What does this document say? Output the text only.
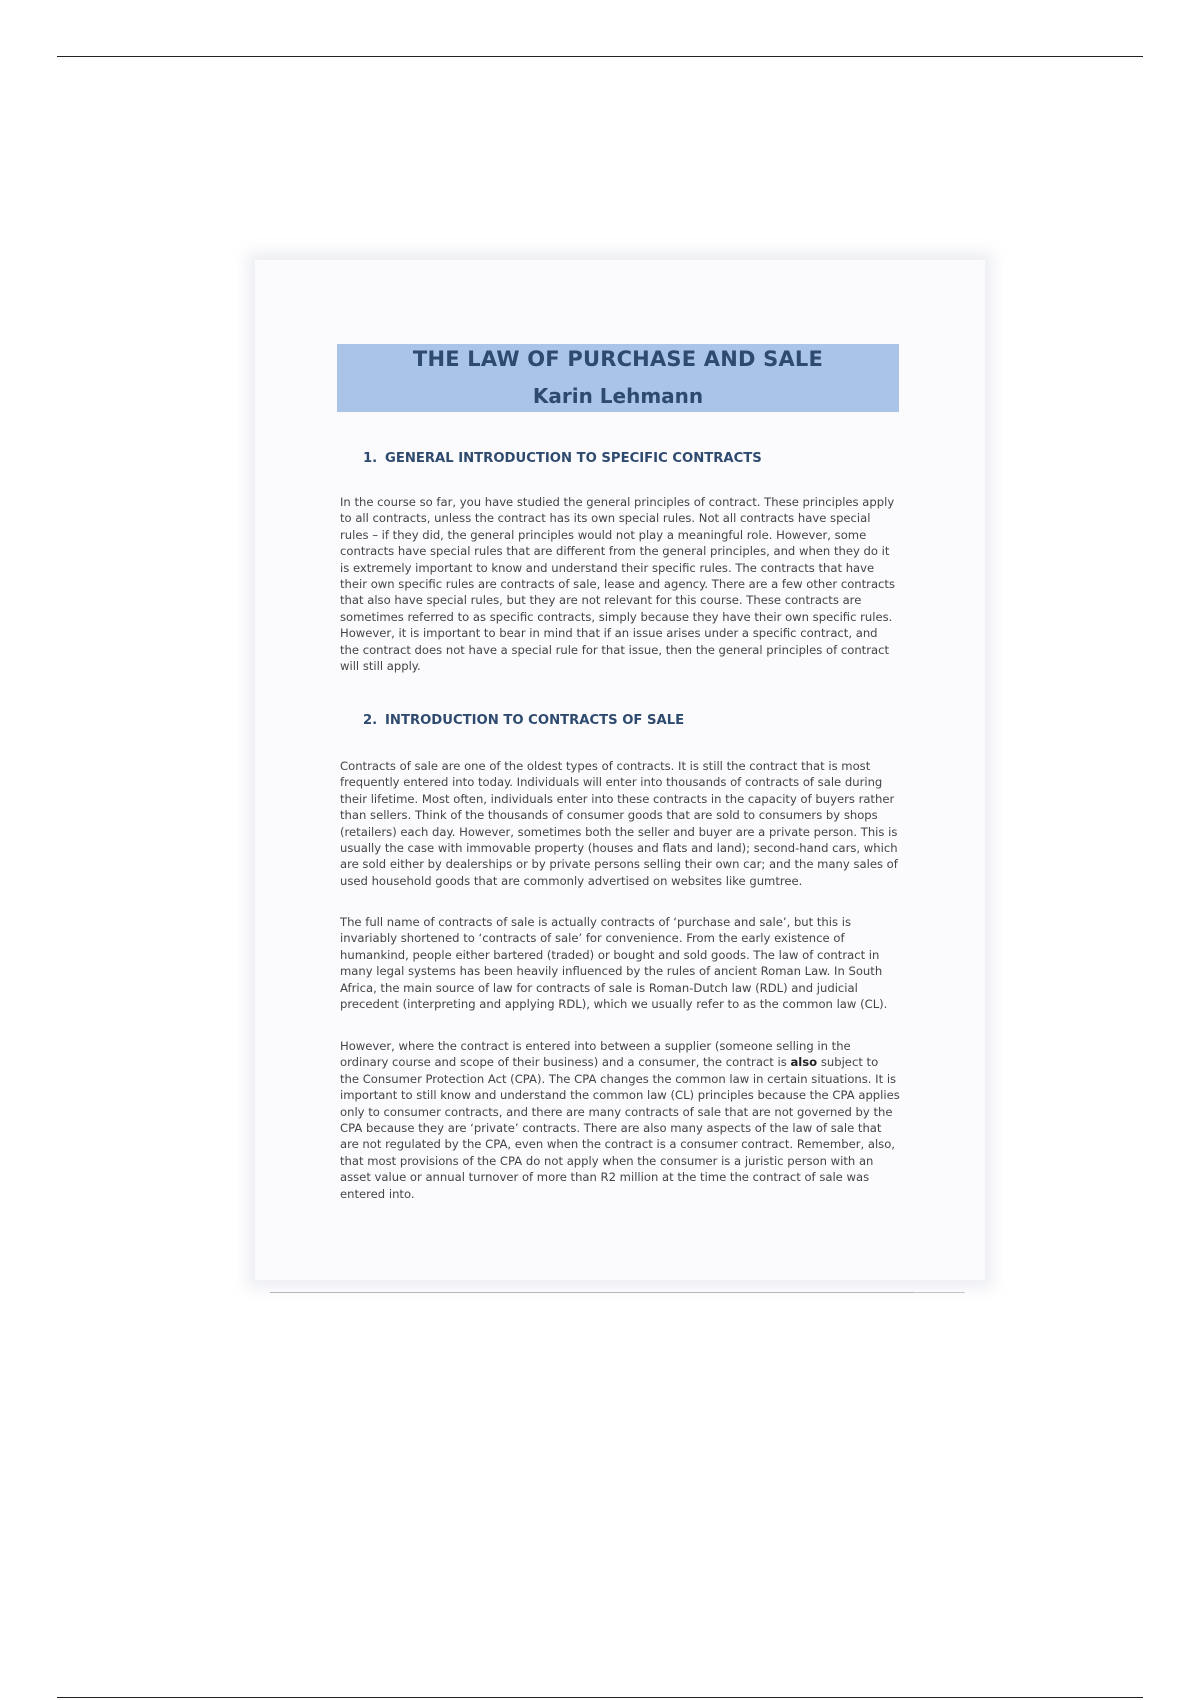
THE LAW OF PURCHASE AND SALE
Karin Lehmann
1. GENERAL INTRODUCTION TO SPECIFIC CONTRACTS

In the course so far, you have studied the general principles of contract. These principles apply to all contracts, unless the contract has its own special rules. Not all contracts have special rules – if they did, the general principles would not play a meaningful role. However, some contracts have special rules that are different from the general principles, and when they do it is extremely important to know and understand their specific rules. The contracts that have their own specific rules are contracts of sale, lease and agency. There are a few other contracts that also have special rules, but they are not relevant for this course. These contracts are sometimes referred to as specific contracts, simply because they have their own specific rules. However, it is important to bear in mind that if an issue arises under a specific contract, and the contract does not have a special rule for that issue, then the general principles of contract will still apply.

2. INTRODUCTION TO CONTRACTS OF SALE

Contracts of sale are one of the oldest types of contracts. It is still the contract that is most frequently entered into today. Individuals will enter into thousands of contracts of sale during their lifetime. Most often, individuals enter into these contracts in the capacity of buyers rather than sellers. Think of the thousands of consumer goods that are sold to consumers by shops (retailers) each day. However, sometimes both the seller and buyer are a private person. This is usually the case with immovable property (houses and flats and land); second-hand cars, which are sold either by dealerships or by private persons selling their own car; and the many sales of used household goods that are commonly advertised on websites like gumtree.

The full name of contracts of sale is actually contracts of ‘purchase and sale’, but this is invariably shortened to ‘contracts of sale’ for convenience. From the early existence of humankind, people either bartered (traded) or bought and sold goods. The law of contract in many legal systems has been heavily influenced by the rules of ancient Roman Law. In South Africa, the main source of law for contracts of sale is Roman-Dutch law (RDL) and judicial precedent (interpreting and applying RDL), which we usually refer to as the common law (CL).

However, where the contract is entered into between a supplier (someone selling in the ordinary course and scope of their business) and a consumer, the contract is also subject to the Consumer Protection Act (CPA). The CPA changes the common law in certain situations. It is important to still know and understand the common law (CL) principles because the CPA applies only to consumer contracts, and there are many contracts of sale that are not governed by the CPA because they are ‘private’ contracts. There are also many aspects of the law of sale that are not regulated by the CPA, even when the contract is a consumer contract. Remember, also, that most provisions of the CPA do not apply when the consumer is a juristic person with an asset value or annual turnover of more than R2 million at the time the contract of sale was entered into.
